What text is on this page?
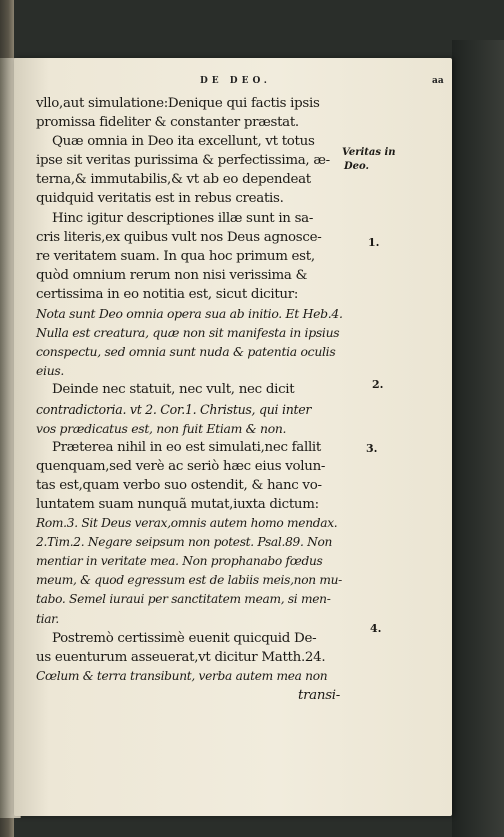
DE DEO.	aa
vllo,aut simulatione:Denique qui factis ipsis
promissa fideliter & constanter præstat.
Quæ omnia in Deo ita excellunt, vt totus
ipse sit veritas purissima & perfectissima, æ-
terna,& immutabilis,& vt ab eo dependeat
quidquid veritatis est in rebus creatis.
Hinc igitur descriptiones illæ sunt in sa-
cris literis,ex quibus vult nos Deus agnosce-
re veritatem suam. In qua hoc primum est,
quòd omnium rerum non nisi verissima &
certissima in eo notitia est, sicut dicitur:
Nota sunt Deo omnia opera sua ab initio. Et Heb.4.
Nulla est creatura, quæ non sit manifesta in ipsius
conspectu, sed omnia sunt nuda & patentia oculis
eius.
Deinde nec statuit, nec vult, nec dicit
contradictoria. vt 2. Cor.1. Christus, qui inter
vos prædicatus est, non fuit Etiam & non.
Præterea nihil in eo est simulati,nec fallit
quenquam,sed verè ac seriò hæc eius volun-
tas est,quam verbo suo ostendit, & hanc vo-
luntatem suam nunquã mutat,iuxta dictum:
Rom.3. Sit Deus verax,omnis autem homo mendax.
2.Tim.2. Negare seipsum non potest. Psal.89. Non
mentiar in veritate mea. Non prophanabo fœdus
meum, & quod egressum est de labiis meis,non mu-
tabo. Semel iuraui per sanctitatem meam, si men-
tiar.
Postremò certissimè euenit quicquid De-
us euenturum asseuerat,vt dicitur Matth.24.
Cœlum & terra transibunt, verba autem mea non
transi-
Veritas in
Deo.
1.
2.
3.
4.
